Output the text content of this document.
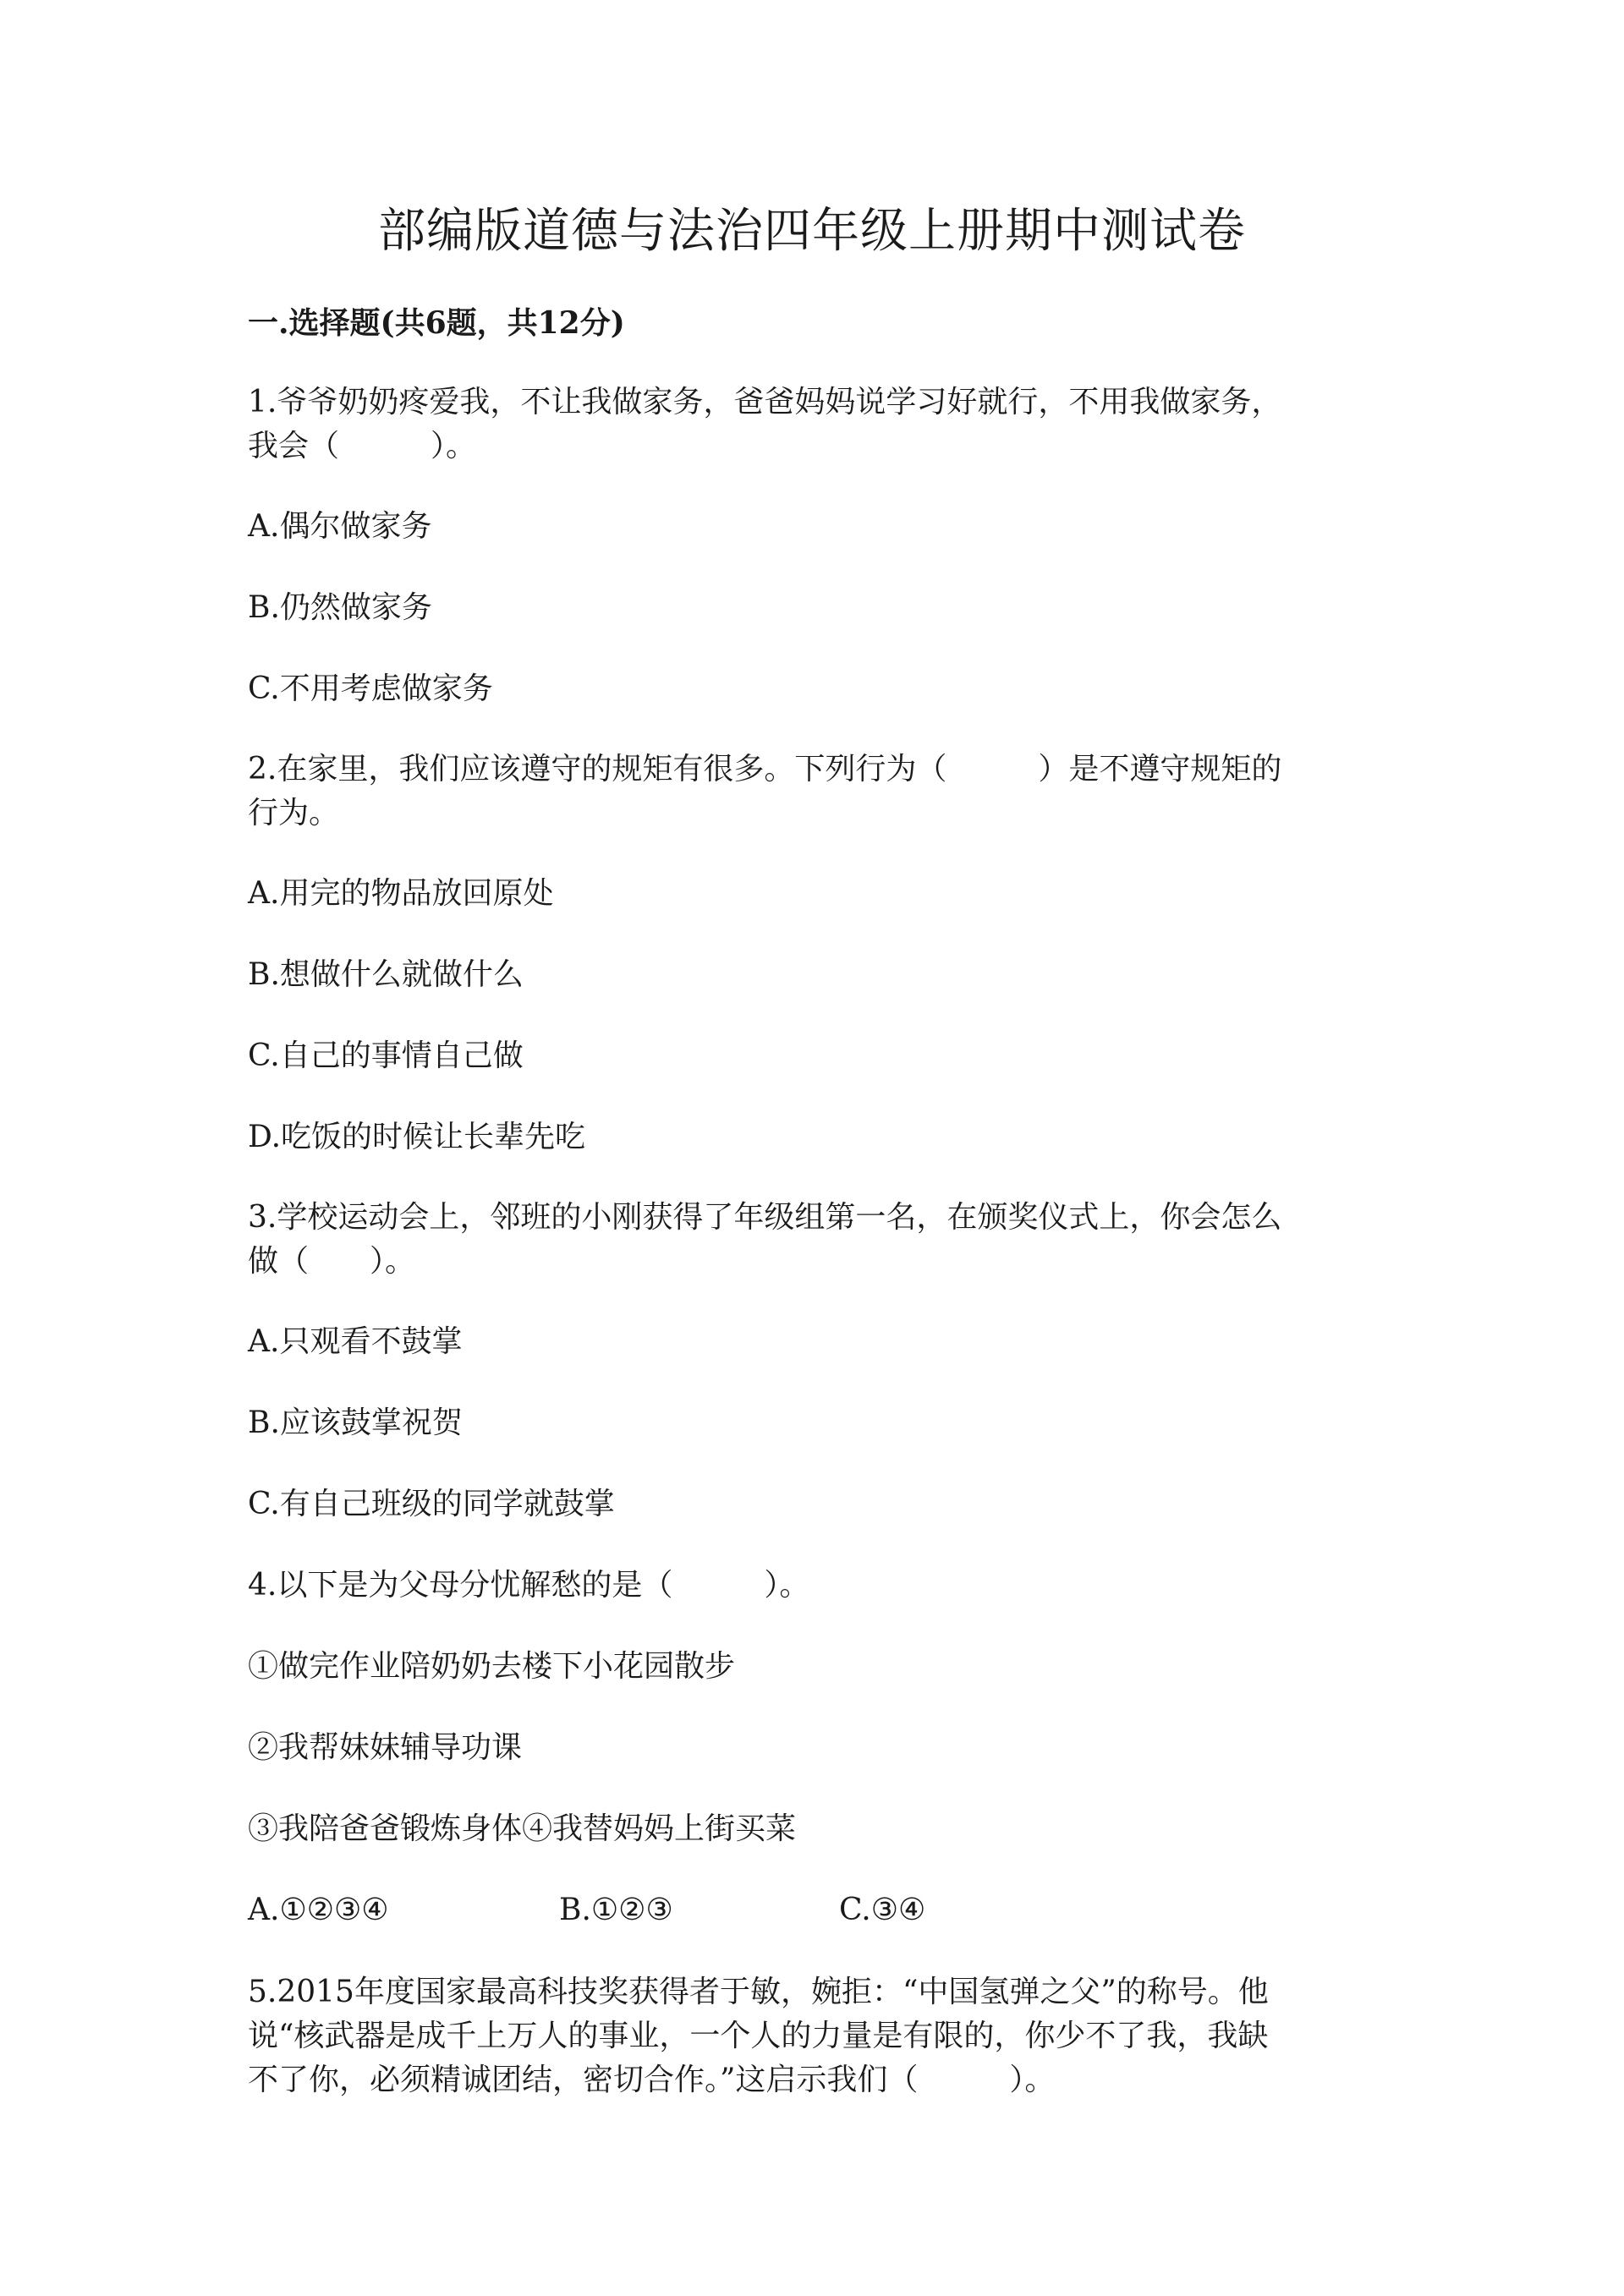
部编版道德与法治四年级上册期中测试卷
一.选择题(共6题，共12分)
1.爷爷奶奶疼爱我，不让我做家务，爸爸妈妈说学习好就行，不用我做家务，
我会（　　　）。
A.偶尔做家务
B.仍然做家务
C.不用考虑做家务
2.在家里，我们应该遵守的规矩有很多。下列行为（　　　）是不遵守规矩的
行为。
A.用完的物品放回原处
B.想做什么就做什么
C.自己的事情自己做
D.吃饭的时候让长辈先吃
3.学校运动会上，邻班的小刚获得了年级组第一名，在颁奖仪式上，你会怎么
做（　　）。
A.只观看不鼓掌
B.应该鼓掌祝贺
C.有自己班级的同学就鼓掌
4.以下是为父母分忧解愁的是（　　　）。
①做完作业陪奶奶去楼下小花园散步
②我帮妹妹辅导功课
③我陪爸爸锻炼身体④我替妈妈上街买菜
A.①②③④	B.①②③	C.③④
5.2015年度国家最高科技奖获得者于敏，婉拒：“中国氢弹之父”的称号。他
说“核武器是成千上万人的事业，一个人的力量是有限的，你少不了我，我缺
不了你，必须精诚团结，密切合作。”这启示我们（　　　）。
